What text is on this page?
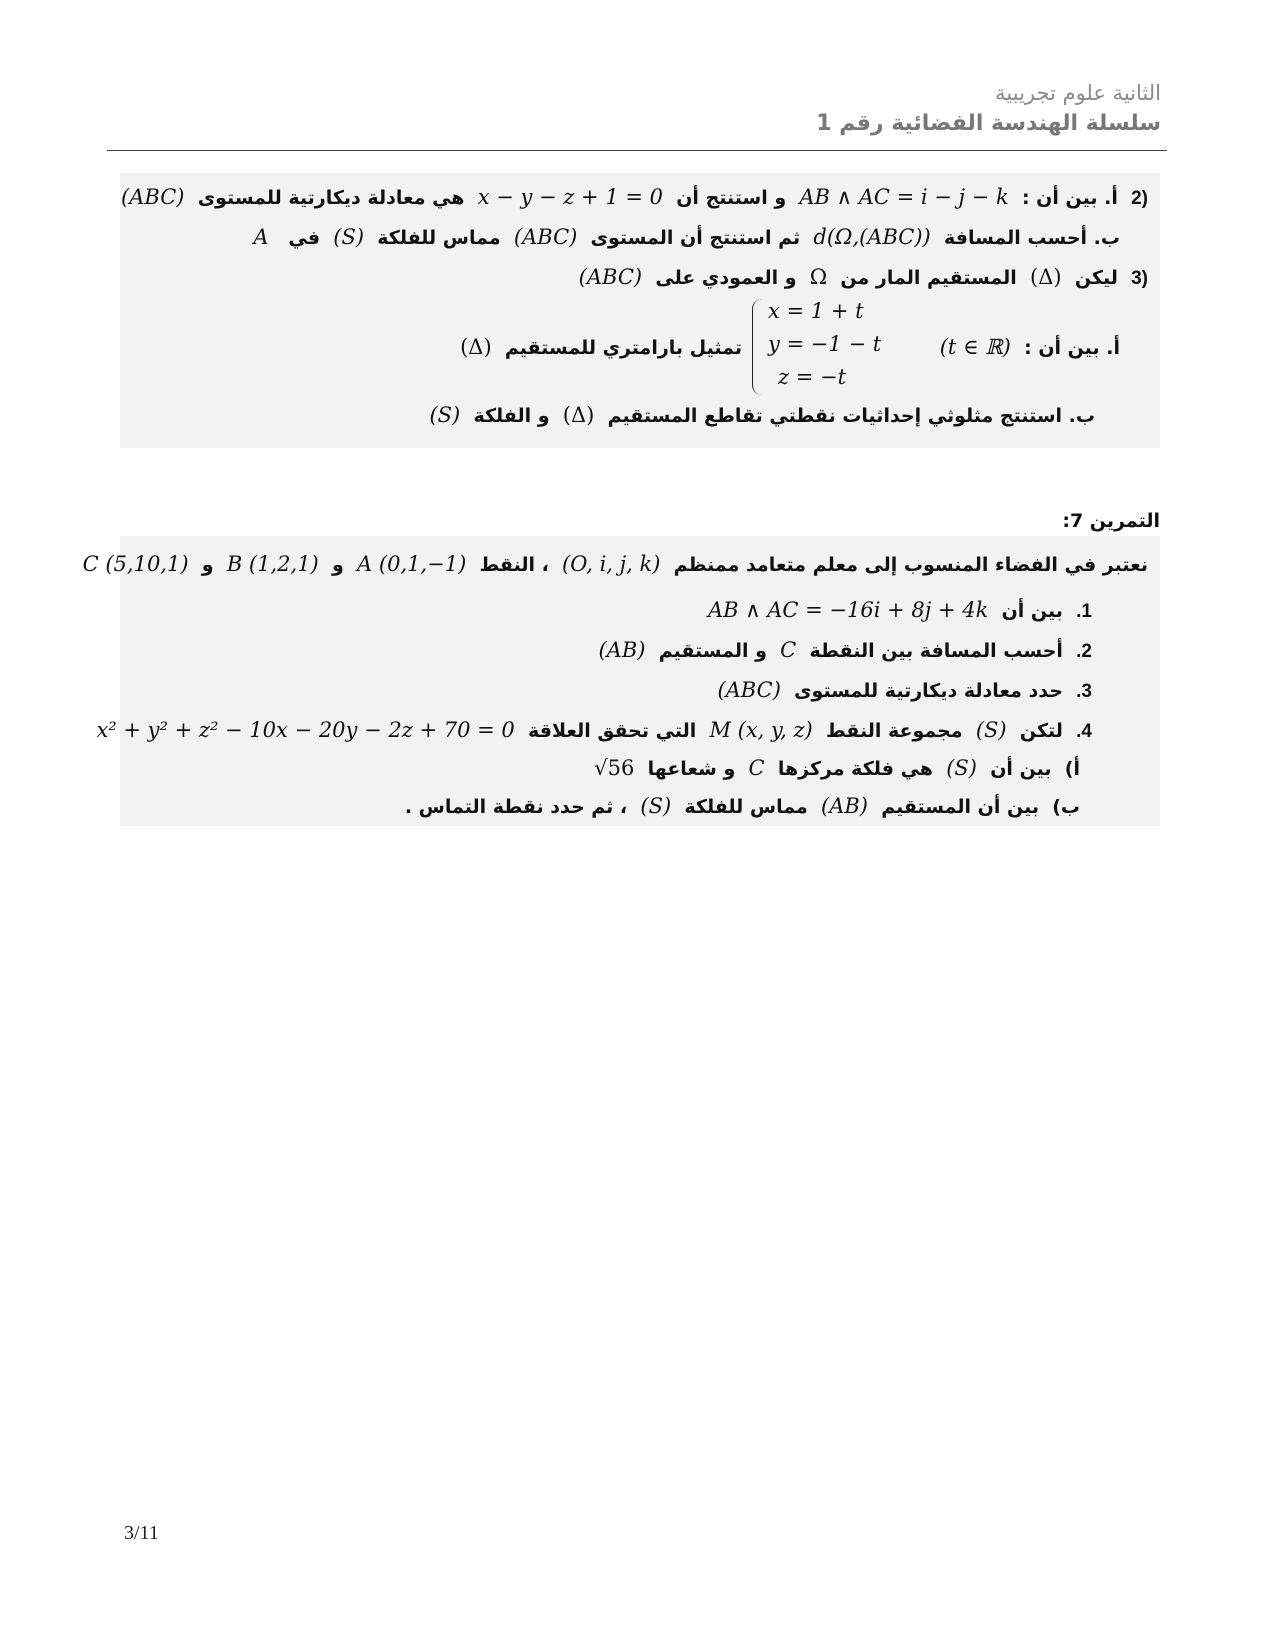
الثانية علوم تجريبية
سلسلة الهندسة الفضائية رقم 1
2)  أ. بين أن :  AB ∧ AC = i − j − k  و استنتج أن  x − y − z + 1 = 0  هي معادلة ديكارتية للمستوى  (ABC)
ب. أحسب المسافة  d(Ω,(ABC))  ثم استنتج أن المستوى  (ABC)  مماس للفلكة  (S)  في   A
3)  ليكن  (Δ)  المستقيم المار من  Ω  و العمودي على  (ABC)
أ. بين أن :  (t ∈ ℝ)
x = 1 + t
y = −1 − t
z = −t
تمثيل بارامتري للمستقيم  (Δ)
ب. استنتج مثلوثي إحداثيات نقطتي تقاطع المستقيم  (Δ)  و الفلكة  (S)
التمرين 7:
نعتبر في الفضاء المنسوب إلى معلم متعامد ممنظم  (O, i, j, k)  ، النقط  A (0,1,−1)  و  B (1,2,1)  و  C (5,10,1)
.1  بين أن  AB ∧ AC = −16i + 8j + 4k
.2  أحسب المسافة بين النقطة  C  و المستقيم  (AB)
.3  حدد معادلة ديكارتية للمستوى  (ABC)
.4  لتكن  (S)  مجموعة النقط  M (x, y, z)  التي تحقق العلاقة  x² + y² + z² − 10x − 20y − 2z + 70 = 0
أ)  بين أن  (S)  هي فلكة مركزها  C  و شعاعها  √56
ب)  بين أن المستقيم  (AB)  مماس للفلكة  (S)  ، ثم حدد نقطة التماس .
3/11
